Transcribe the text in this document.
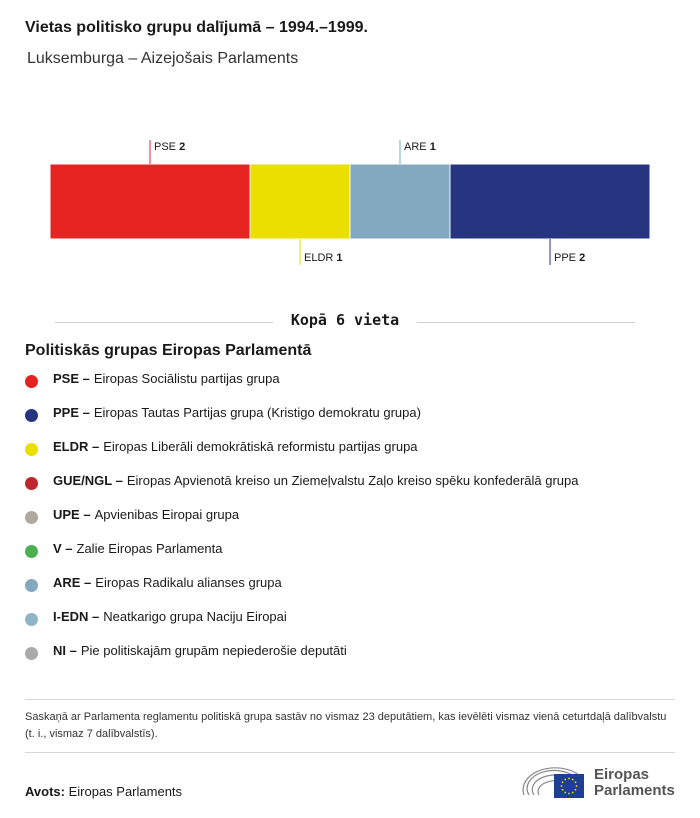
Vietas politisko grupu dalījumā – 1994.–1999.
Luksemburga – Aizejošais Parlaments
PSE 2
ELDR 1
ARE 1
PPE 2
Kopā 6 vieta
Politiskās grupas Eiropas Parlamentā
PSE – Eiropas Sociālistu partijas grupa
PPE – Eiropas Tautas Partijas grupa (Kristigo demokratu grupa)
ELDR – Eiropas Liberāli demokrātiskā reformistu partijas grupa
GUE/NGL – Eiropas Apvienotā kreiso un Ziemeļvalstu Zaļo kreiso spēku konfederālā grupa
UPE – Apvienibas Eiropai grupa
V – Zalie Eiropas Parlamenta
ARE – Eiropas Radikalu alianses grupa
I-EDN – Neatkarigo grupa Naciju Eiropai
NI – Pie politiskajām grupām nepiederošie deputāti
Saskaņā ar Parlamenta reglamentu politiskā grupa sastāv no vismaz 23 deputātiem, kas ievēlēti vismaz vienā ceturtdaļā dalībvalstu (t. i., vismaz 7 dalībvalstīs).
Avots: Eiropas Parlaments
Eiropas
Parlaments
